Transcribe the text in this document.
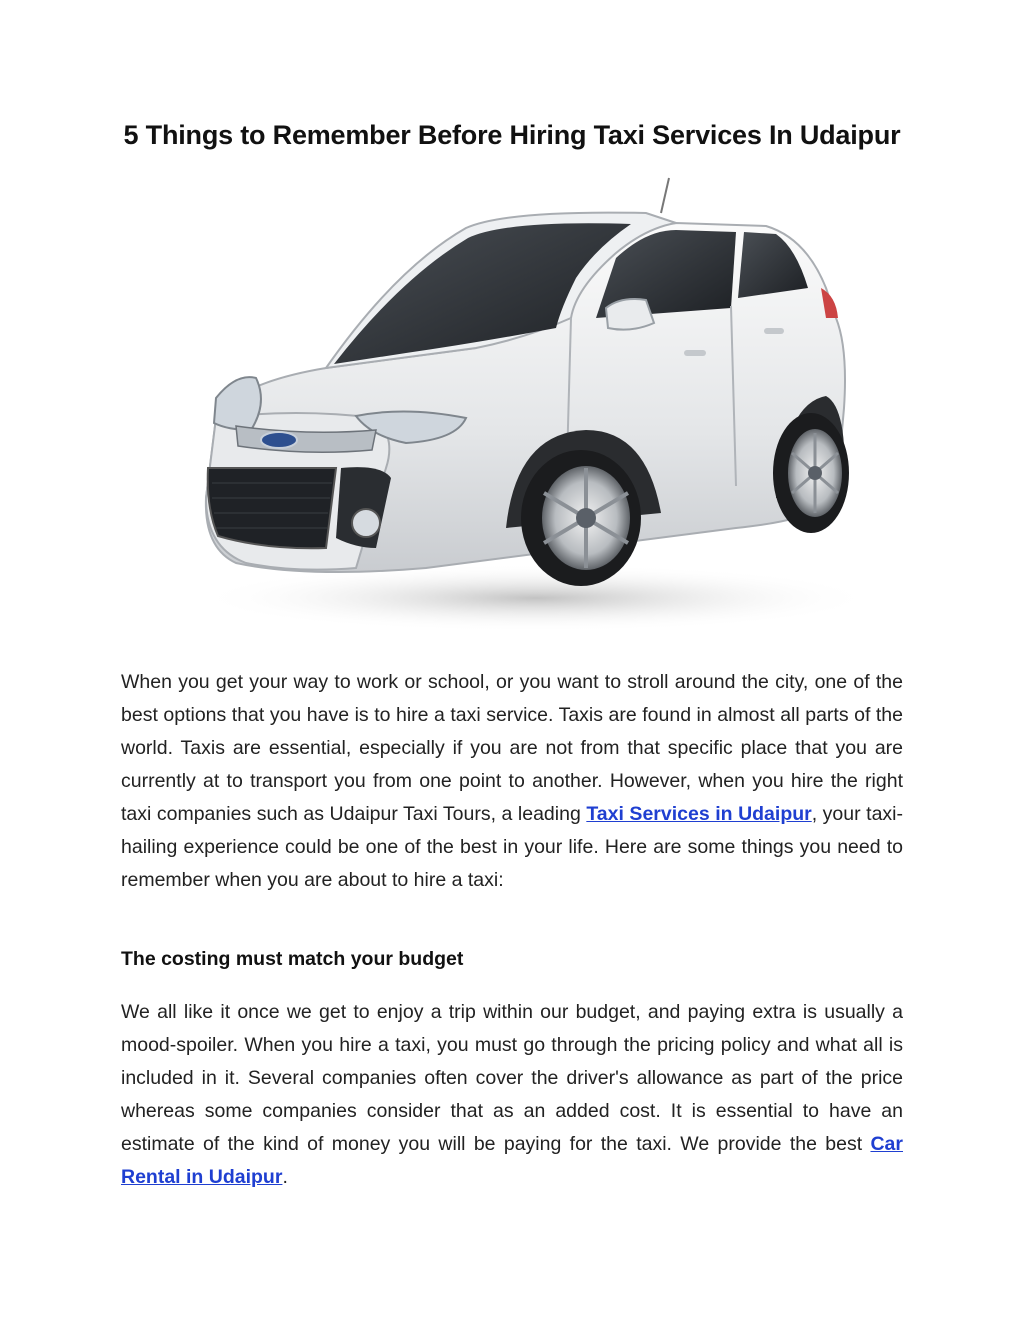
5 Things to Remember Before Hiring Taxi Services In Udaipur
When you get your way to work or school, or you want to stroll around the city, one of the best options that you have is to hire a taxi service. Taxis are found in almost all parts of the world. Taxis are essential, especially if you are not from that specific place that you are currently at to transport you from one point to another. However, when you hire the right taxi companies such as Udaipur Taxi Tours, a leading Taxi Services in Udaipur, your taxi-hailing experience could be one of the best in your life. Here are some things you need to remember when you are about to hire a taxi:
The costing must match your budget
We all like it once we get to enjoy a trip within our budget, and paying extra is usually a mood-spoiler. When you hire a taxi, you must go through the pricing policy and what all is included in it. Several companies often cover the driver's allowance as part of the price whereas some companies consider that as an added cost. It is essential to have an estimate of the kind of money you will be paying for the taxi. We provide the best Car Rental in Udaipur.
